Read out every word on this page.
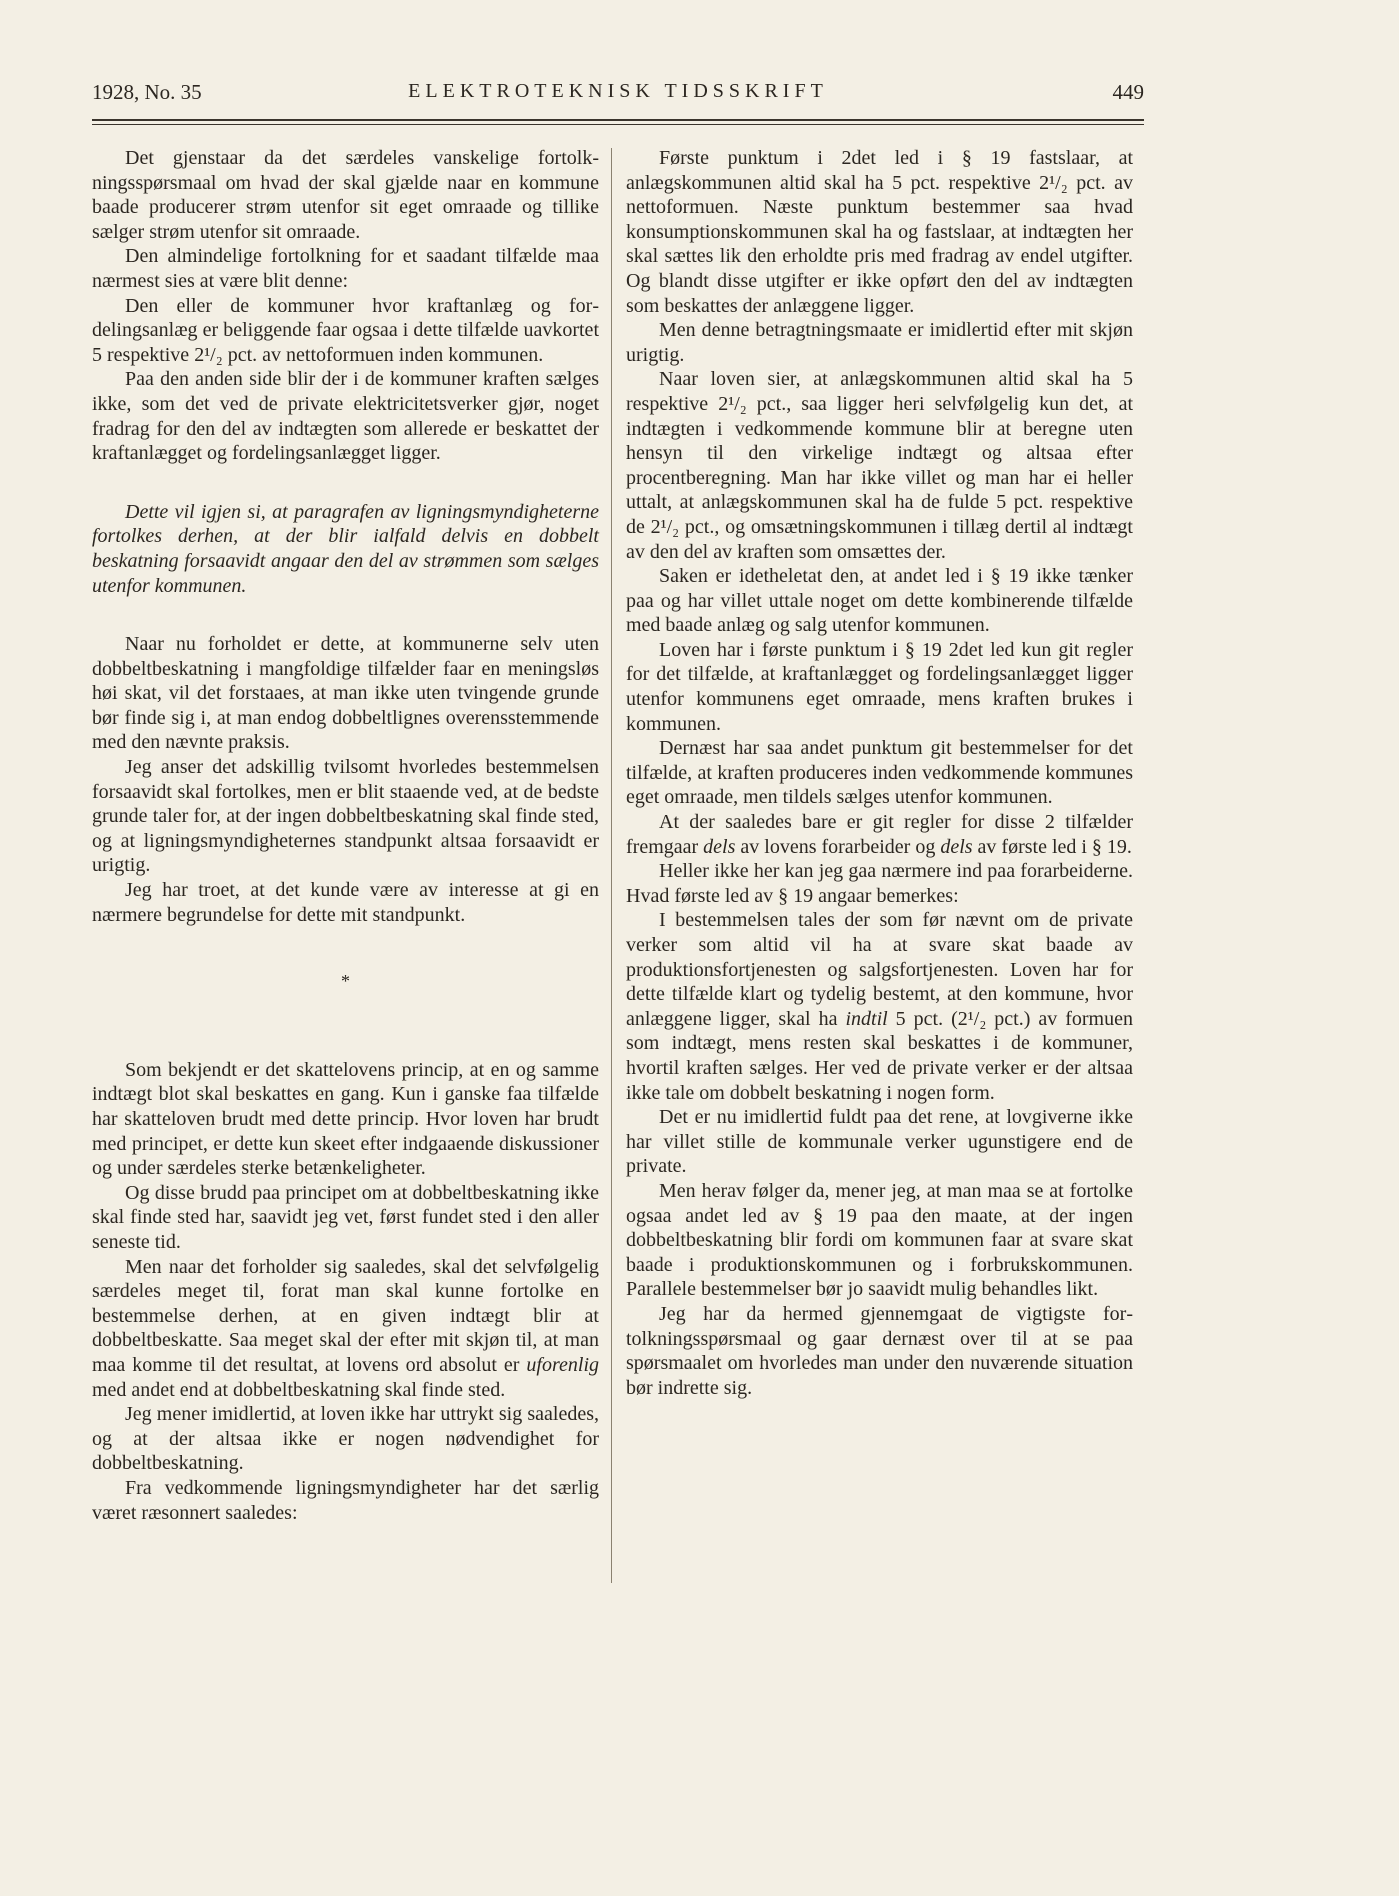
1928, No. 35	ELEKTROTEKNISK TIDSSKRIFT	449

Det gjenstaar da det særdeles vanskelige fortolkningsspørsmaal om hvad der skal gjælde naar en kommune baade producerer strøm utenfor sit eget omraade og tillike sælger strøm utenfor sit omraade.

Den almindelige fortolkning for et saadant tilfælde maa nærmest sies at være blit denne:

Den eller de kommuner hvor kraftanlæg og fordelingsanlæg er beliggende faar ogsaa i dette tilfælde uavkortet 5 respektive 2¹/₂ pct. av nettoformuen inden kommunen.

Paa den anden side blir der i de kommuner kraften sælges ikke, som det ved de private elektricitetsverker gjør, noget fradrag for den del av indtægten som allerede er beskattet der kraftanlægget og fordelingsanlægget ligger.

Dette vil igjen si, at paragrafen av ligningsmyndigheterne fortolkes derhen, at der blir ialfald delvis en dobbelt beskatning forsaavidt angaar den del av strømmen som sælges utenfor kommunen.

Naar nu forholdet er dette, at kommunerne selv uten dobbeltbeskatning i mangfoldige tilfælder faar en meningsløs høi skat, vil det forstaaes, at man ikke uten tvingende grunde bør finde sig i, at man endog dobbeltlignes overensstemmende med den nævnte praksis.

Jeg anser det adskillig tvilsomt hvorledes bestemmelsen forsaavidt skal fortolkes, men er blit staaende ved, at de bedste grunde taler for, at der ingen dobbeltbeskatning skal finde sted, og at ligningsmyndigheternes standpunkt altsaa forsaavidt er urigtig.

Jeg har troet, at det kunde være av interesse at gi en nærmere begrundelse for dette mit standpunkt.

*

Som bekjendt er det skattelovens princip, at en og samme indtægt blot skal beskattes en gang. Kun i ganske faa tilfælde har skatteloven brudt med dette princip. Hvor loven har brudt med principet, er dette kun skeet efter indgaaende diskussioner og under særdeles sterke betænkeligheter.

Og disse brudd paa principet om at dobbeltbeskatning ikke skal finde sted har, saavidt jeg vet, først fundet sted i den aller seneste tid.

Men naar det forholder sig saaledes, skal det selvfølgelig særdeles meget til, forat man skal kunne fortolke en bestemmelse derhen, at en given indtægt blir at dobbeltbeskatte. Saa meget skal der efter mit skjøn til, at man maa komme til det resultat, at lovens ord absolut er uforenlig med andet end at dobbeltbeskatning skal finde sted.

Jeg mener imidlertid, at loven ikke har uttrykt sig saaledes, og at der altsaa ikke er nogen nødvendighet for dobbeltbeskatning.

Fra vedkommende ligningsmyndigheter har det særlig været ræsonnert saaledes:

Første punktum i 2det led i § 19 fastslaar, at anlægskommunen altid skal ha 5 pct. respektive 2¹/₂ pct. av nettoformuen. Næste punktum bestemmer saa hvad konsumptionskommunen skal ha og fastslaar, at indtægten her skal sættes lik den erholdte pris med fradrag av endel utgifter. Og blandt disse utgifter er ikke opført den del av indtægten som beskattes der anlæggene ligger.

Men denne betragtningsmaate er imidlertid efter mit skjøn urigtig.

Naar loven sier, at anlægskommunen altid skal ha 5 respektive 2¹/₂ pct., saa ligger heri selvfølgelig kun det, at indtægten i vedkommende kommune blir at beregne uten hensyn til den virkelige indtægt og altsaa efter procentberegning. Man har ikke villet og man har ei heller uttalt, at anlægskommunen skal ha de fulde 5 pct. respektive de 2¹/₂ pct., og omsætningskommunen i tillæg dertil al indtægt av den del av kraften som omsættes der.

Saken er idetheletat den, at andet led i § 19 ikke tænker paa og har villet uttale noget om dette kombinerende tilfælde med baade anlæg og salg utenfor kommunen.

Loven har i første punktum i § 19 2det led kun git regler for det tilfælde, at kraftanlægget og fordelingsanlægget ligger utenfor kommunens eget omraade, mens kraften brukes i kommunen.

Dernæst har saa andet punktum git bestemmelser for det tilfælde, at kraften produceres inden vedkommende kommunes eget omraade, men tildels sælges utenfor kommunen.

At der saaledes bare er git regler for disse 2 tilfælder fremgaar dels av lovens forarbeider og dels av første led i § 19.

Heller ikke her kan jeg gaa nærmere ind paa forarbeiderne. Hvad første led av § 19 angaar bemerkes:

I bestemmelsen tales der som før nævnt om de private verker som altid vil ha at svare skat baade av produktionsfortjenesten og salgsfortjenesten. Loven har for dette tilfælde klart og tydelig bestemt, at den kommune, hvor anlæggene ligger, skal ha indtil 5 pct. (2¹/₂ pct.) av formuen som indtægt, mens resten skal beskattes i de kommuner, hvortil kraften sælges. Her ved de private verker er der altsaa ikke tale om dobbelt beskatning i nogen form.

Det er nu imidlertid fuldt paa det rene, at lovgiverne ikke har villet stille de kommunale verker ugunstigere end de private.

Men herav følger da, mener jeg, at man maa se at fortolke ogsaa andet led av § 19 paa den maate, at der ingen dobbeltbeskatning blir fordi om kommunen faar at svare skat baade i produktionskommunen og i forbrukskommunen. Parallele bestemmelser bør jo saavidt mulig behandles likt.

Jeg har da hermed gjennemgaat de vigtigste fortolkningsspørsmaal og gaar dernæst over til at se paa spørsmaalet om hvorledes man under den nuværende situation bør indrette sig.
